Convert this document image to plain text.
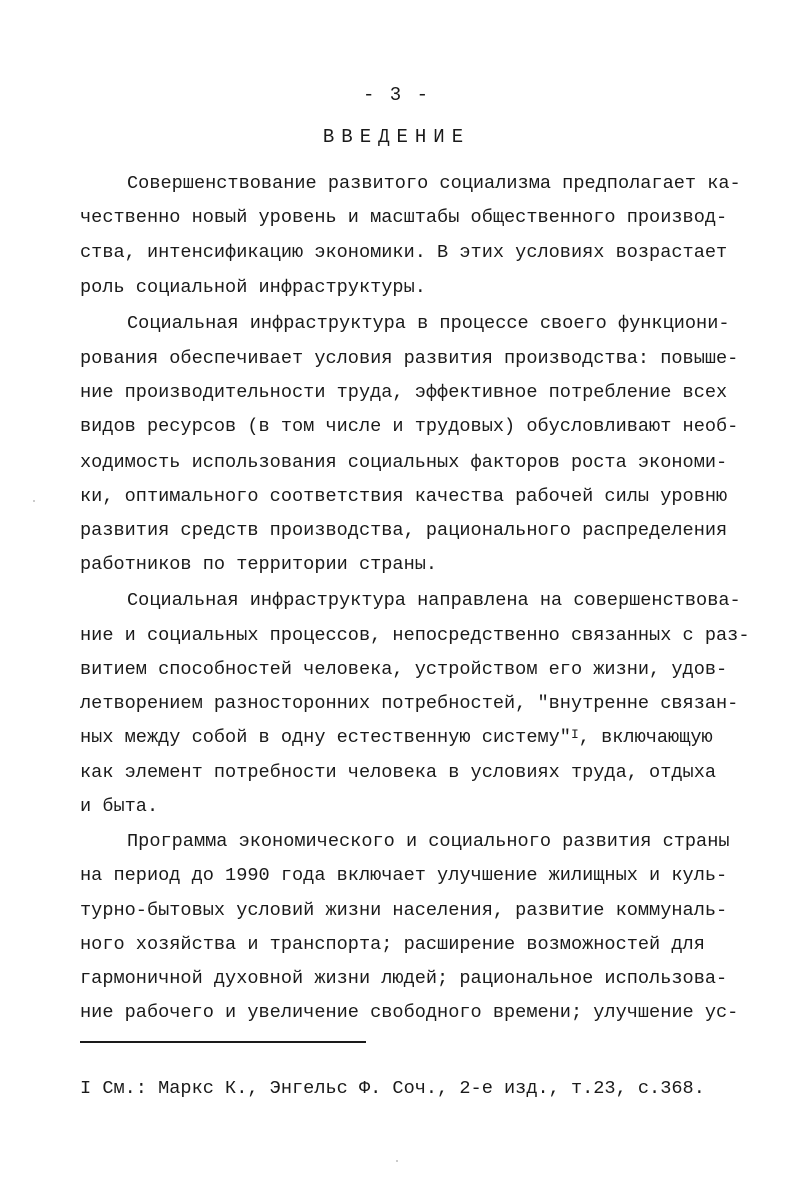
- 3 -
ВВЕДЕНИЕ
Совершенствование развитого социализма предполагает ка-
чественно новый уровень и масштабы общественного производ-
ства, интенсификацию экономики. В этих условиях возрастает
роль социальной инфраструктуры.
Социальная инфраструктура в процессе своего функциони-
рования обеспечивает условия развития производства: повыше-
ние производительности труда, эффективное потребление всех
видов ресурсов (в том числе и трудовых) обусловливают необ-
ходимость использования социальных факторов роста экономи-
ки, оптимального соответствия качества рабочей силы уровню
развития средств производства, рационального распределения
работников по территории страны.
Социальная инфраструктура направлена на совершенствова-
ние и социальных процессов, непосредственно связанных с раз-
витием способностей человека, устройством его жизни, удов-
летворением разносторонних потребностей, "внутренне связан-
ных между собой в одну естественную систему"$^I$, включающую
как элемент потребности человека в условиях труда, отдыха
и быта.
Программа экономического и социального развития страны
на период до 1990 года включает улучшение жилищных и куль-
турно-бытовых условий жизни населения, развитие коммуналь-
ного хозяйства и транспорта; расширение возможностей для
гармоничной духовной жизни людей; рациональное использова-
ние рабочего и увеличение свободного времени; улучшение ус-
I См.: Маркс К., Энгельс Ф. Соч., 2-е изд., т.23, с.368.
